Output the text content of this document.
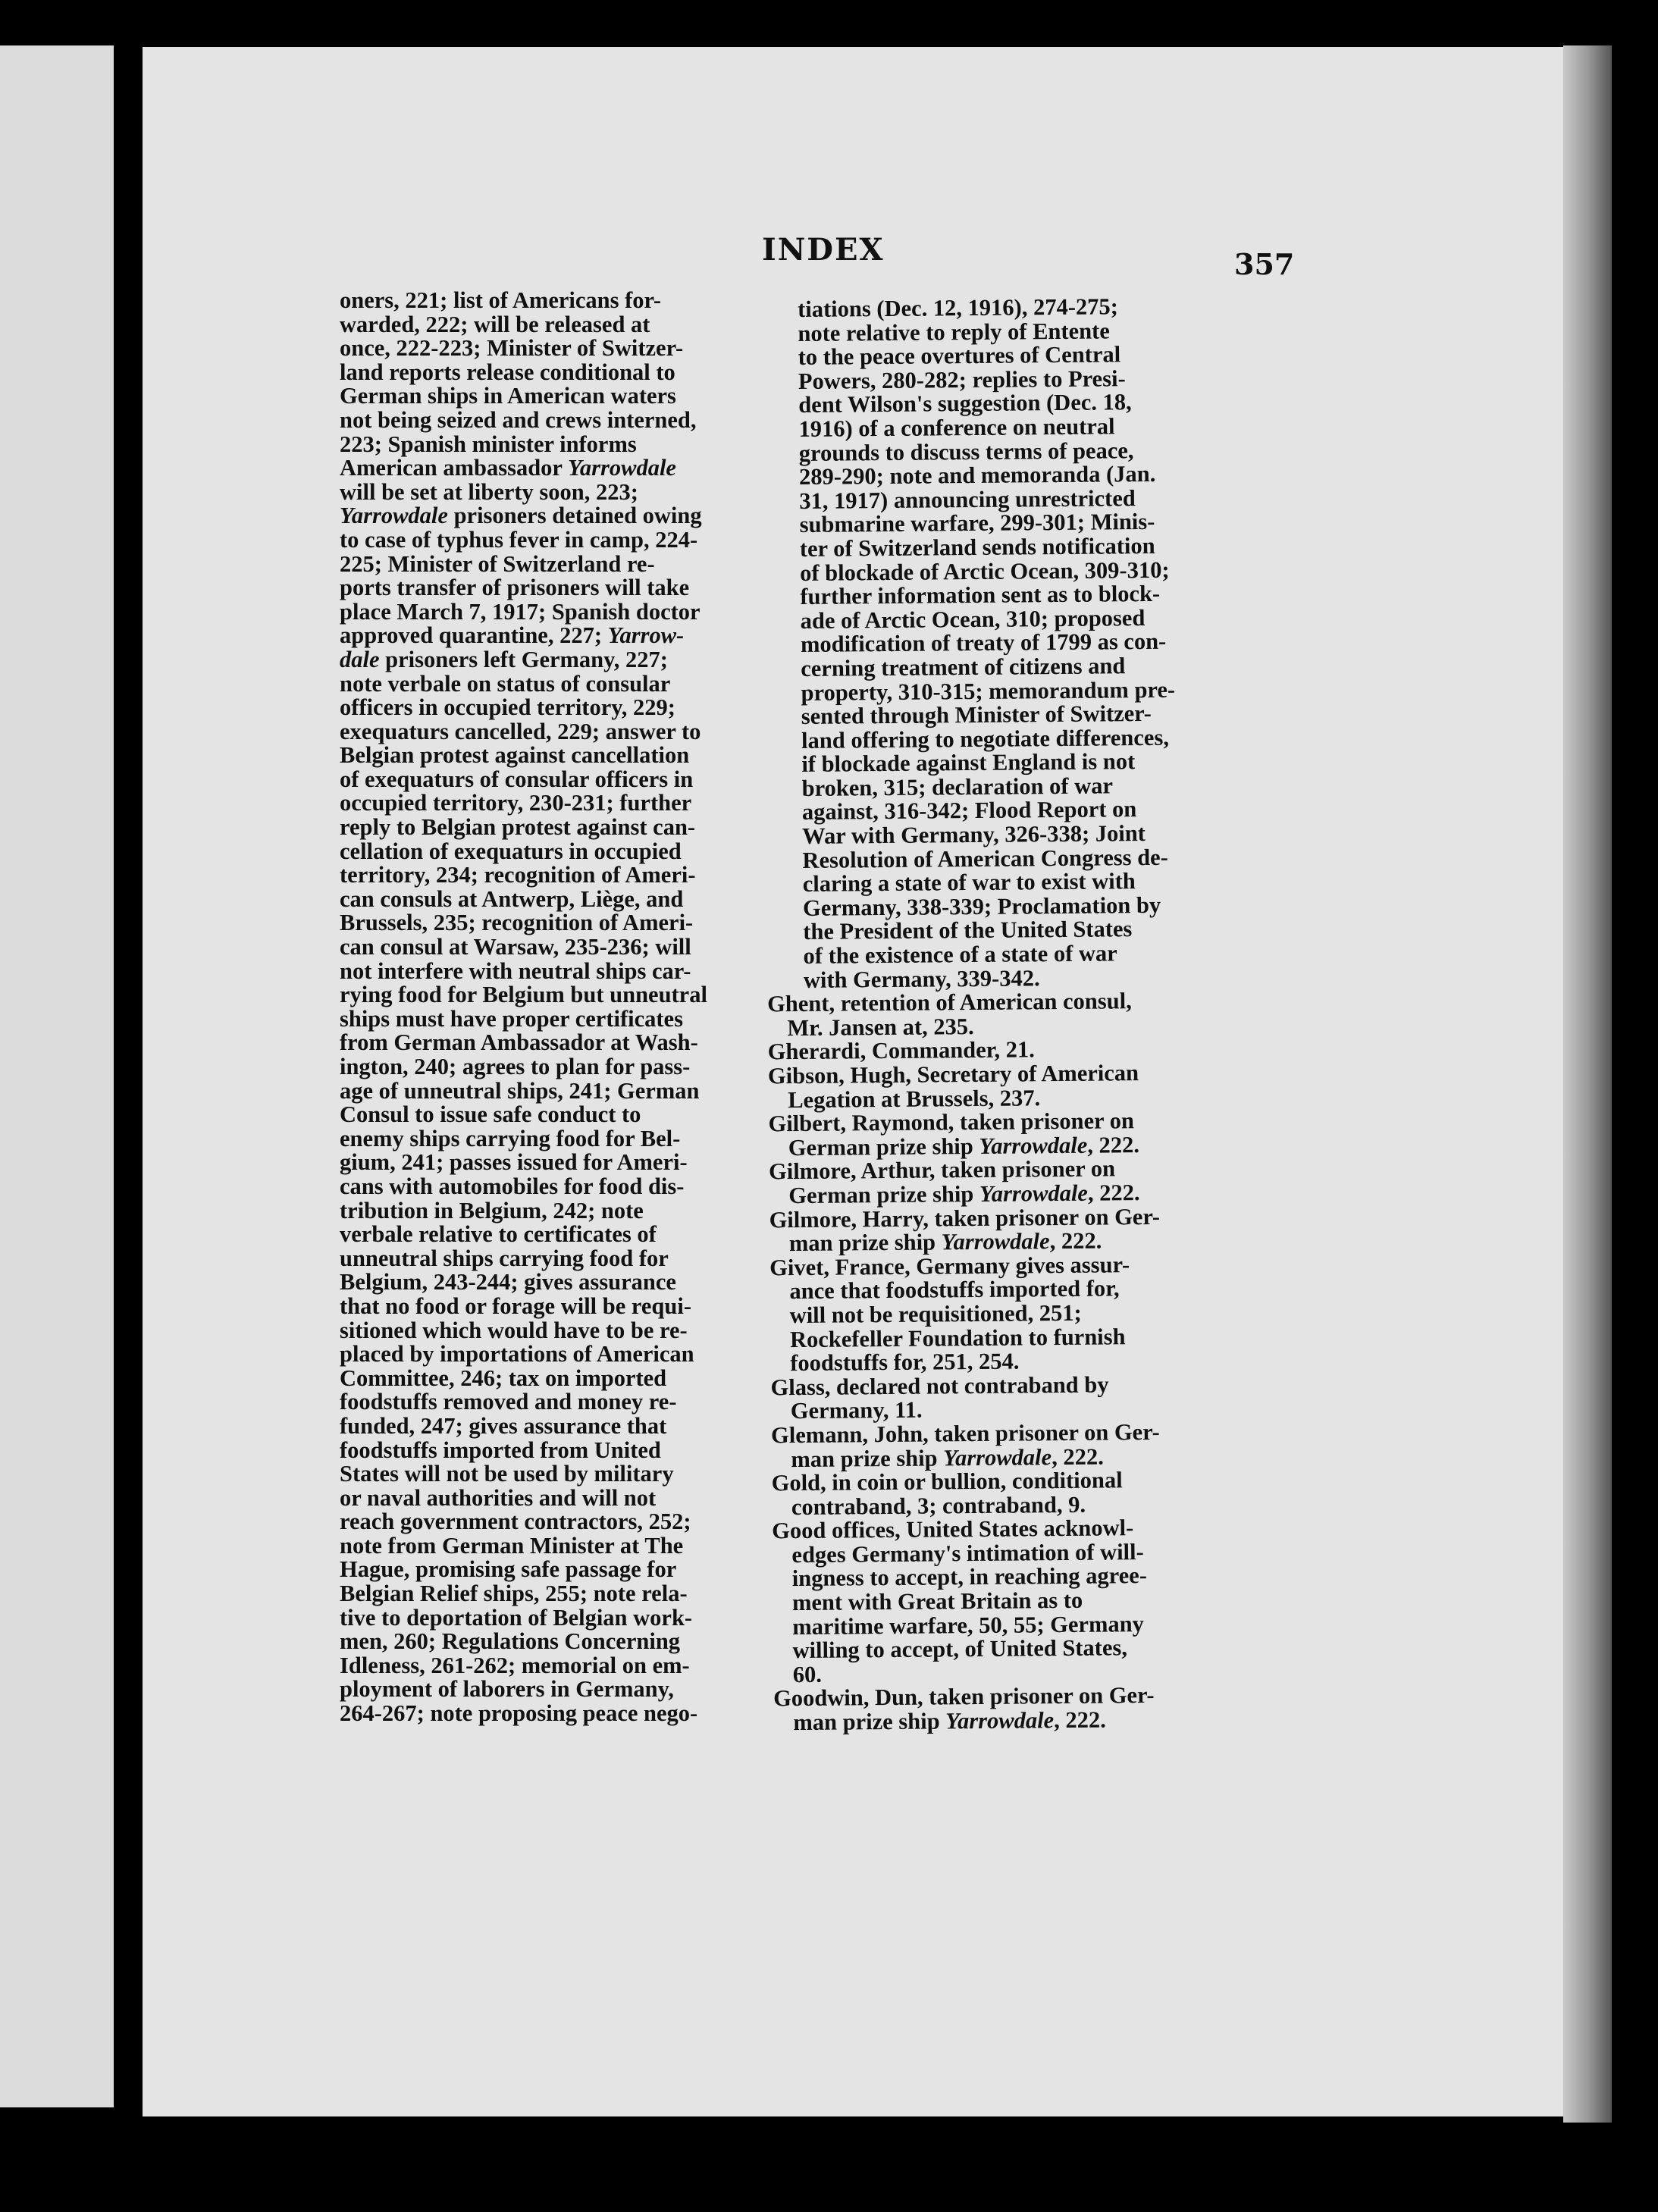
INDEX	357
oners, 221; list of Americans for-
warded, 222; will be released at
once, 222-223; Minister of Switzer-
land reports release conditional to
German ships in American waters
not being seized and crews interned,
223; Spanish minister informs
American ambassador Yarrowdale
will be set at liberty soon, 223;
Yarrowdale prisoners detained owing
to case of typhus fever in camp, 224-
225; Minister of Switzerland re-
ports transfer of prisoners will take
place March 7, 1917; Spanish doctor
approved quarantine, 227; Yarrow-
dale prisoners left Germany, 227;
note verbale on status of consular
officers in occupied territory, 229;
exequaturs cancelled, 229; answer to
Belgian protest against cancellation
of exequaturs of consular officers in
occupied territory, 230-231; further
reply to Belgian protest against can-
cellation of exequaturs in occupied
territory, 234; recognition of Ameri-
can consuls at Antwerp, Liège, and
Brussels, 235; recognition of Ameri-
can consul at Warsaw, 235-236; will
not interfere with neutral ships car-
rying food for Belgium but unneutral
ships must have proper certificates
from German Ambassador at Wash-
ington, 240; agrees to plan for pass-
age of unneutral ships, 241; German
Consul to issue safe conduct to
enemy ships carrying food for Bel-
gium, 241; passes issued for Ameri-
cans with automobiles for food dis-
tribution in Belgium, 242; note
verbale relative to certificates of
unneutral ships carrying food for
Belgium, 243-244; gives assurance
that no food or forage will be requi-
sitioned which would have to be re-
placed by importations of American
Committee, 246; tax on imported
foodstuffs removed and money re-
funded, 247; gives assurance that
foodstuffs imported from United
States will not be used by military
or naval authorities and will not
reach government contractors, 252;
note from German Minister at The
Hague, promising safe passage for
Belgian Relief ships, 255; note rela-
tive to deportation of Belgian work-
men, 260; Regulations Concerning
Idleness, 261-262; memorial on em-
ployment of laborers in Germany,
264-267; note proposing peace nego-
tiations (Dec. 12, 1916), 274-275;
note relative to reply of Entente
to the peace overtures of Central
Powers, 280-282; replies to Presi-
dent Wilson's suggestion (Dec. 18,
1916) of a conference on neutral
grounds to discuss terms of peace,
289-290; note and memoranda (Jan.
31, 1917) announcing unrestricted
submarine warfare, 299-301; Minis-
ter of Switzerland sends notification
of blockade of Arctic Ocean, 309-310;
further information sent as to block-
ade of Arctic Ocean, 310; proposed
modification of treaty of 1799 as con-
cerning treatment of citizens and
property, 310-315; memorandum pre-
sented through Minister of Switzer-
land offering to negotiate differences,
if blockade against England is not
broken, 315; declaration of war
against, 316-342; Flood Report on
War with Germany, 326-338; Joint
Resolution of American Congress de-
claring a state of war to exist with
Germany, 338-339; Proclamation by
the President of the United States
of the existence of a state of war
with Germany, 339-342.
Ghent, retention of American consul,
Mr. Jansen at, 235.
Gherardi, Commander, 21.
Gibson, Hugh, Secretary of American
Legation at Brussels, 237.
Gilbert, Raymond, taken prisoner on
German prize ship Yarrowdale, 222.
Gilmore, Arthur, taken prisoner on
German prize ship Yarrowdale, 222.
Gilmore, Harry, taken prisoner on Ger-
man prize ship Yarrowdale, 222.
Givet, France, Germany gives assur-
ance that foodstuffs imported for,
will not be requisitioned, 251;
Rockefeller Foundation to furnish
foodstuffs for, 251, 254.
Glass, declared not contraband by
Germany, 11.
Glemann, John, taken prisoner on Ger-
man prize ship Yarrowdale, 222.
Gold, in coin or bullion, conditional
contraband, 3; contraband, 9.
Good offices, United States acknowl-
edges Germany's intimation of will-
ingness to accept, in reaching agree-
ment with Great Britain as to
maritime warfare, 50, 55; Germany
willing to accept, of United States,
60.
Goodwin, Dun, taken prisoner on Ger-
man prize ship Yarrowdale, 222.
